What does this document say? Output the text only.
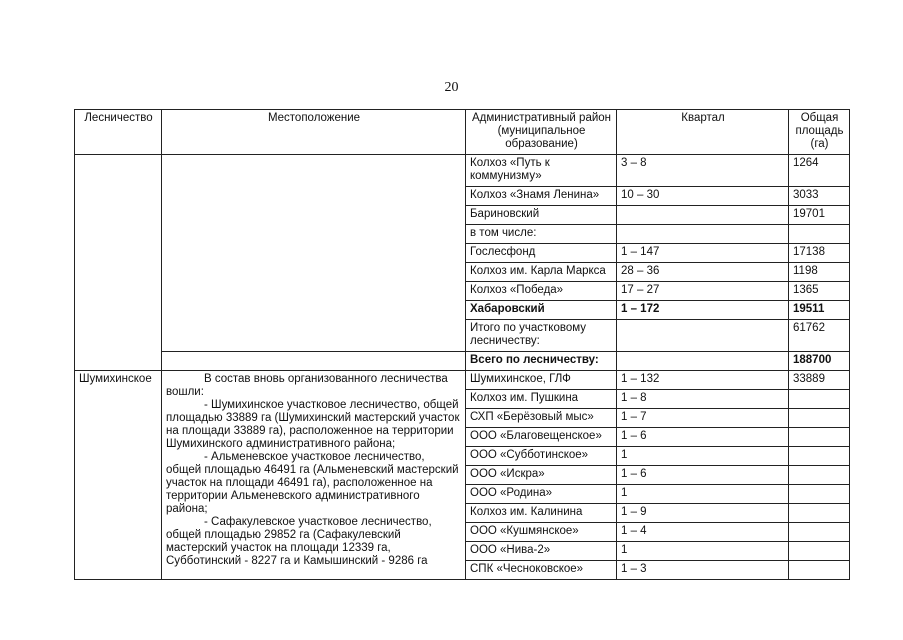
20
Лесничество	Местоположение	Административный район (муниципальное образование)	Квартал	Общая площадь (га)
		Колхоз «Путь к коммунизму»	3 – 8	1264
		Колхоз «Знамя Ленина»	10 – 30	3033
		Бариновский		19701
		в том числе:		
		Гослесфонд	1 – 147	17138
		Колхоз им. Карла Маркса	28 – 36	1198
		Колхоз «Победа»	17 – 27	1365
		Хабаровский	1 – 172	19511
		Итого по участковому лесничеству:		61762
		Всего по лесничеству:		188700
Шумихинское	В состав вновь организованного лесничества вошли:

- Шумихинское участковое лесничество, общей площадью 33889 га (Шумихинский мастерский участок на площади 33889 га), расположенное на территории Шумихинского административного района;

- Альменевское участковое лесничество, общей площадью 46491 га (Альменевский мастерский участок на площади 46491 га), расположенное на территории Альменевского административного района;

- Сафакулевское участковое лесничество, общей площадью 29852 га (Сафакулевский мастерский участок на площади 12339 га, Субботинский - 8227 га и Камышинский - 9286 га	Шумихинское, ГЛФ	1 – 132	33889
		Колхоз им. Пушкина	1 – 8	
		СХП «Берёзовый мыс»	1 – 7	
		ООО «Благовещенское»	1 – 6	
		ООО «Субботинское»	1	
		ООО «Искра»	1 – 6	
		ООО «Родина»	1	
		Колхоз им. Калинина	1 – 9	
		ООО «Кушмянское»	1 – 4	
		ООО «Нива-2»	1	
		СПК «Чесноковское»	1 – 3	
